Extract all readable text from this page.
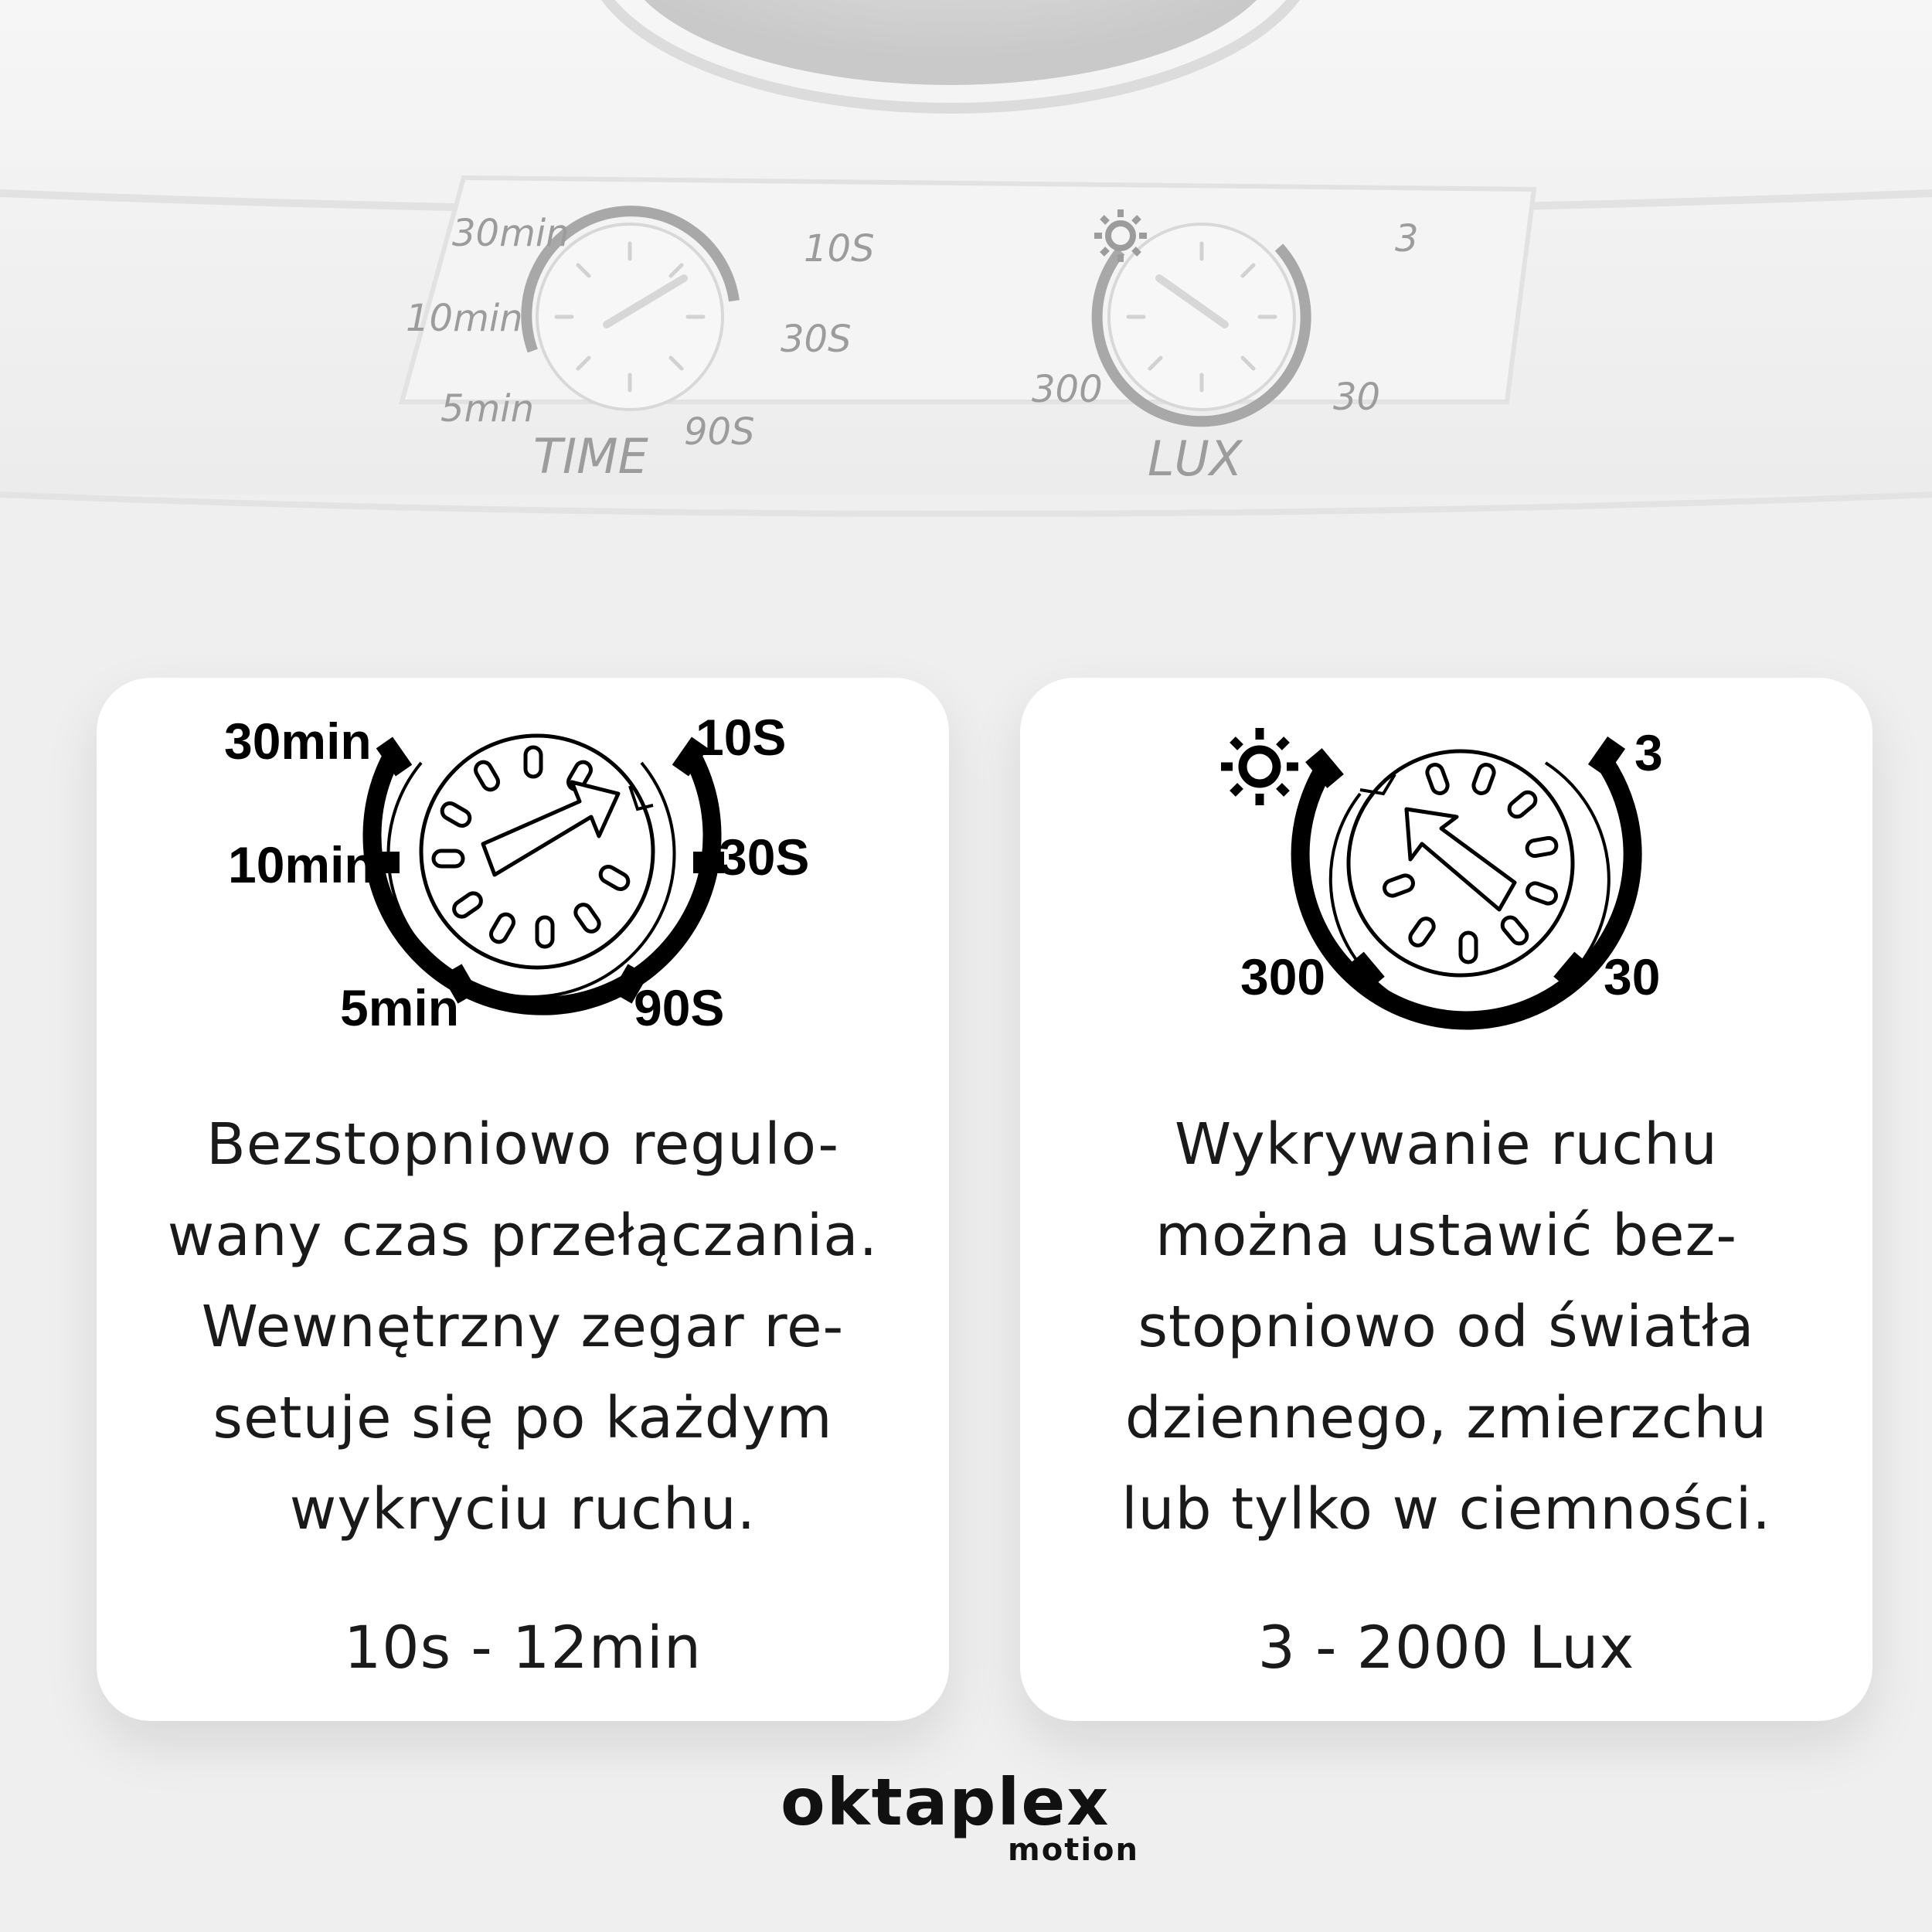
30min
10min
5min
10S
30S
90S
3
30
300
TIME	LUX
30min
10min
5min
10S
30S
90S
Bezstopniowo regulo-
wany czas przełączania.
Wewnętrzny zegar re-
setuje się po każdym
wykryciu ruchu.
10s - 12min
3
30
300
Wykrywanie ruchu
można ustawić bez-
stopniowo od światła
dziennego, zmierzchu
lub tylko w ciemności.
3 - 2000 Lux
oktaplex
motion
